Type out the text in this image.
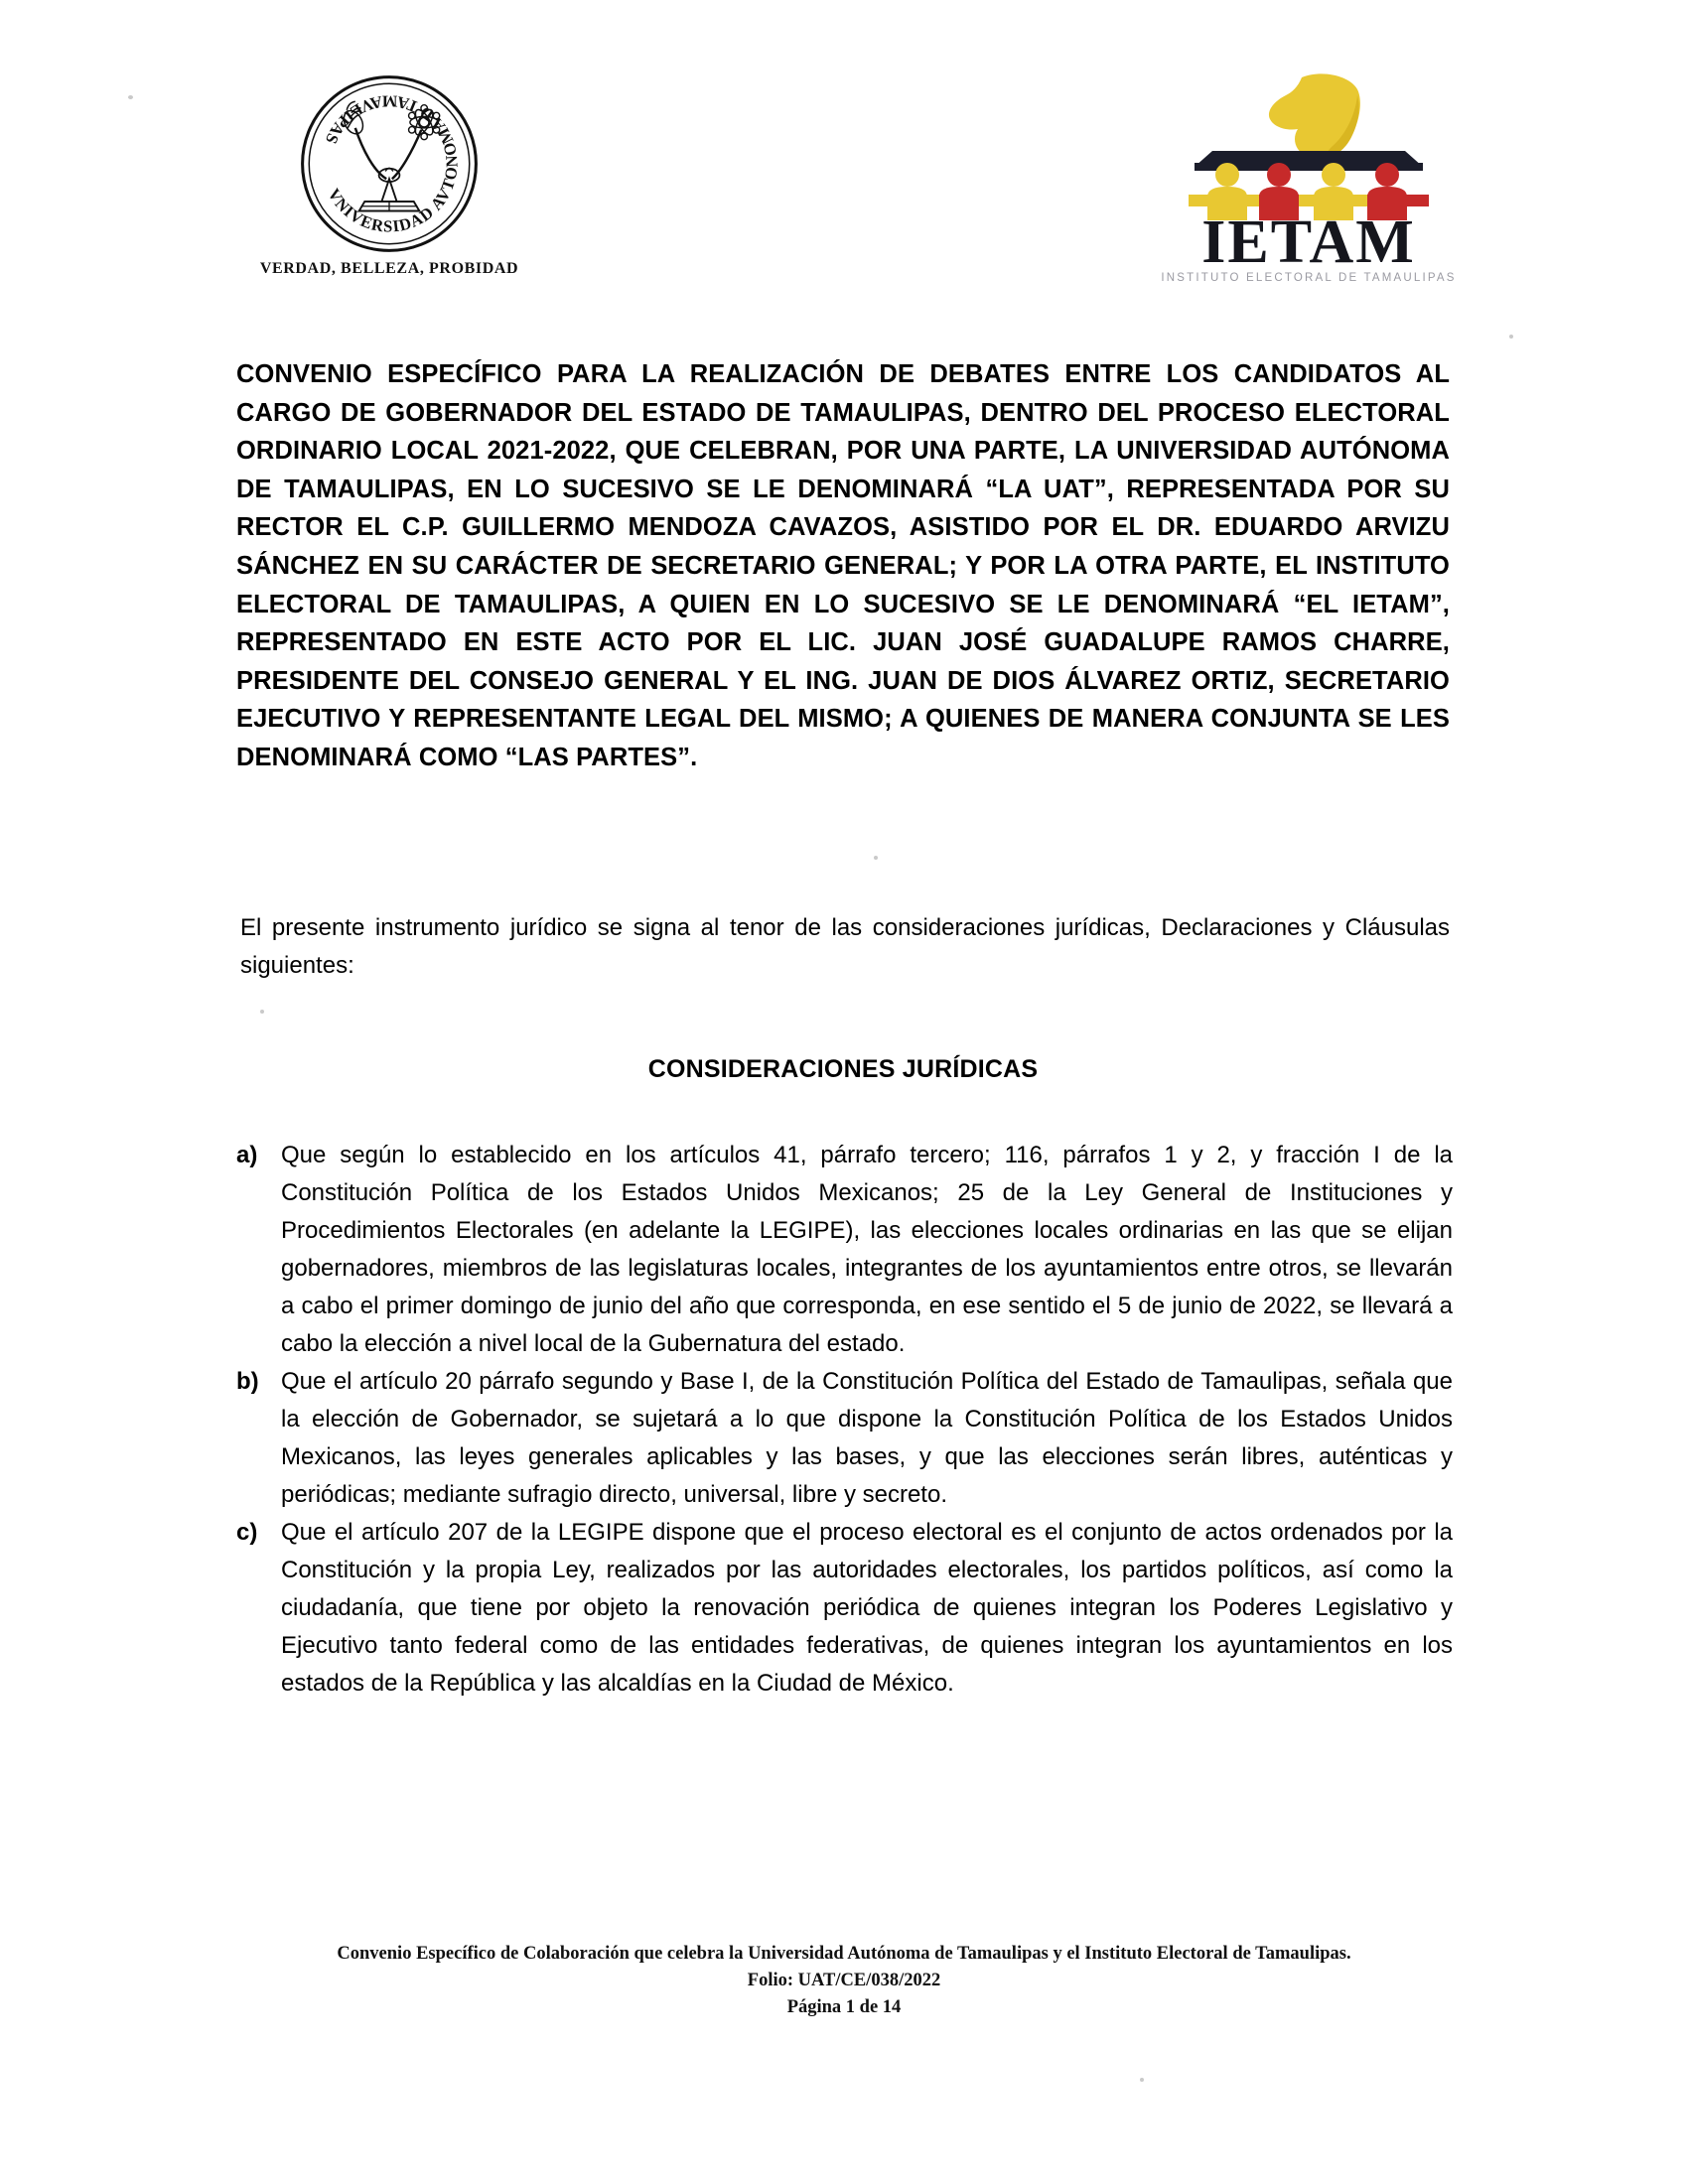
VNIVERSIDAD AVTONOMA D TAMAVLIPAS
VERDAD, BELLEZA, PROBIDAD	IETAM
INSTITUTO ELECTORAL DE TAMAULIPAS
CONVENIO ESPECÍFICO PARA LA REALIZACIÓN DE DEBATES ENTRE LOS CANDIDATOS AL CARGO DE GOBERNADOR DEL ESTADO DE TAMAULIPAS, DENTRO DEL PROCESO ELECTORAL ORDINARIO LOCAL 2021-2022, QUE CELEBRAN, POR UNA PARTE, LA UNIVERSIDAD AUTÓNOMA DE TAMAULIPAS, EN LO SUCESIVO SE LE DENOMINARÁ “LA UAT”, REPRESENTADA POR SU RECTOR EL C.P. GUILLERMO MENDOZA CAVAZOS, ASISTIDO POR EL DR. EDUARDO ARVIZU SÁNCHEZ EN SU CARÁCTER DE SECRETARIO GENERAL; Y POR LA OTRA PARTE, EL INSTITUTO ELECTORAL DE TAMAULIPAS, A QUIEN EN LO SUCESIVO SE LE DENOMINARÁ “EL IETAM”, REPRESENTADO EN ESTE ACTO POR EL LIC. JUAN JOSÉ GUADALUPE RAMOS CHARRE, PRESIDENTE DEL CONSEJO GENERAL Y EL ING. JUAN DE DIOS ÁLVAREZ ORTIZ, SECRETARIO EJECUTIVO Y REPRESENTANTE LEGAL DEL MISMO; A QUIENES DE MANERA CONJUNTA SE LES DENOMINARÁ COMO “LAS PARTES”.
El presente instrumento jurídico se signa al tenor de las consideraciones jurídicas, Declaraciones y Cláusulas siguientes:
CONSIDERACIONES JURÍDICAS
a) Que según lo establecido en los artículos 41, párrafo tercero; 116, párrafos 1 y 2, y fracción I de la Constitución Política de los Estados Unidos Mexicanos; 25 de la Ley General de Instituciones y Procedimientos Electorales (en adelante la LEGIPE), las elecciones locales ordinarias en las que se elijan gobernadores, miembros de las legislaturas locales, integrantes de los ayuntamientos entre otros, se llevarán a cabo el primer domingo de junio del año que corresponda, en ese sentido el 5 de junio de 2022, se llevará a cabo la elección a nivel local de la Gubernatura del estado.
b) Que el artículo 20 párrafo segundo y Base I, de la Constitución Política del Estado de Tamaulipas, señala que la elección de Gobernador, se sujetará a lo que dispone la Constitución Política de los Estados Unidos Mexicanos, las leyes generales aplicables y las bases, y que las elecciones serán libres, auténticas y periódicas; mediante sufragio directo, universal, libre y secreto.
c) Que el artículo 207 de la LEGIPE dispone que el proceso electoral es el conjunto de actos ordenados por la Constitución y la propia Ley, realizados por las autoridades electorales, los partidos políticos, así como la ciudadanía, que tiene por objeto la renovación periódica de quienes integran los Poderes Legislativo y Ejecutivo tanto federal como de las entidades federativas, de quienes integran los ayuntamientos en los estados de la República y las alcaldías en la Ciudad de México.
Convenio Específico de Colaboración que celebra la Universidad Autónoma de Tamaulipas y el Instituto Electoral de Tamaulipas.
Folio: UAT/CE/038/2022
Página 1 de 14
